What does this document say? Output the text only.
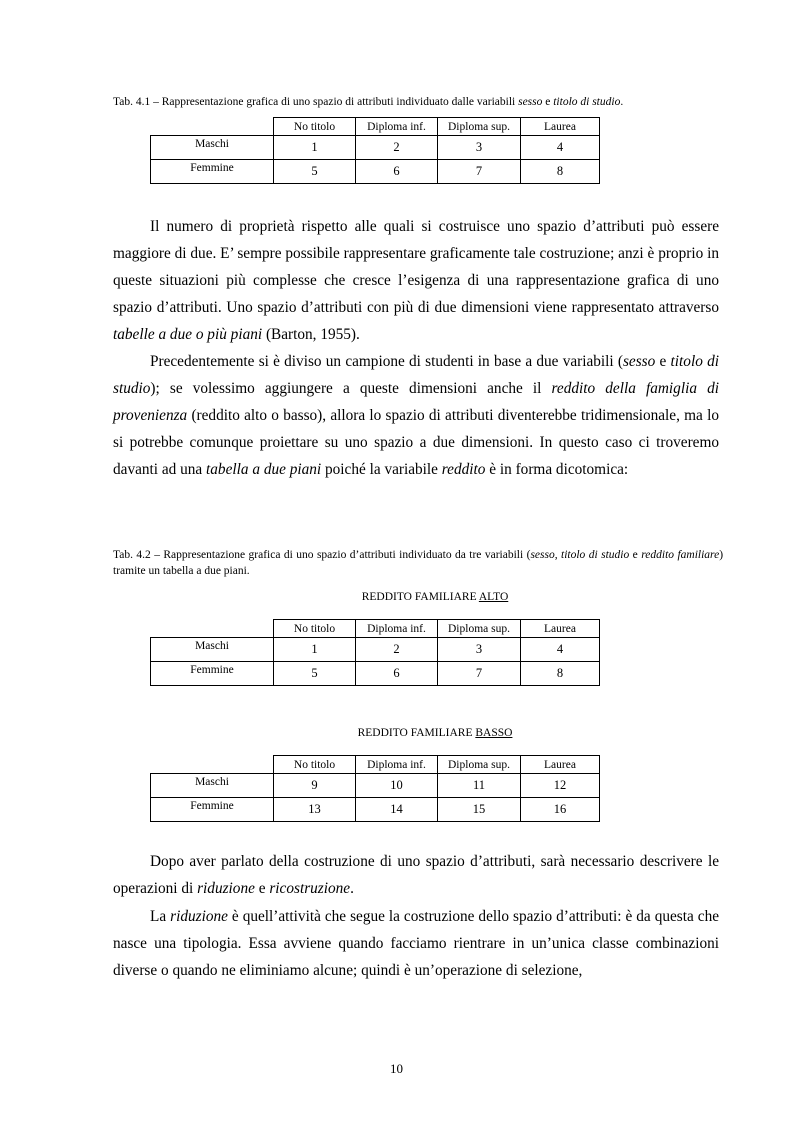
Tab. 4.1 – Rappresentazione grafica di uno spazio di attributi individuato dalle variabili sesso e titolo di studio.
	No titolo	Diploma inf.	Diploma sup.	Laurea
Maschi	1	2	3	4
Femmine	5	6	7	8
Il numero di proprietà rispetto alle quali si costruisce uno spazio d’attributi può essere maggiore di due. E’ sempre possibile rappresentare graficamente tale costruzione; anzi è proprio in queste situazioni più complesse che cresce l’esigenza di una rappresentazione grafica di uno spazio d’attributi. Uno spazio d’attributi con più di due dimensioni viene rappresentato attraverso tabelle a due o più piani (Barton, 1955).
Precedentemente si è diviso un campione di studenti in base a due variabili (sesso e titolo di studio); se volessimo aggiungere a queste dimensioni anche il reddito della famiglia di provenienza (reddito alto o basso), allora lo spazio di attributi diventerebbe tridimensionale, ma lo si potrebbe comunque proiettare su uno spazio a due dimensioni. In questo caso ci troveremo davanti ad una tabella a due piani poiché la variabile reddito è in forma dicotomica:
Tab. 4.2 – Rappresentazione grafica di uno spazio d’attributi individuato da tre variabili (sesso, titolo di studio e reddito familiare) tramite un tabella a due piani.
REDDITO FAMILIARE ALTO
	No titolo	Diploma inf.	Diploma sup.	Laurea
Maschi	1	2	3	4
Femmine	5	6	7	8
REDDITO FAMILIARE BASSO
	No titolo	Diploma inf.	Diploma sup.	Laurea
Maschi	9	10	11	12
Femmine	13	14	15	16
Dopo aver parlato della costruzione di uno spazio d’attributi, sarà necessario descrivere le operazioni di riduzione e ricostruzione.
La riduzione è quell’attività che segue la costruzione dello spazio d’attributi: è da questa che nasce una tipologia. Essa avviene quando facciamo rientrare in un’unica classe combinazioni diverse o quando ne eliminiamo alcune; quindi è un’operazione di selezione,
10
